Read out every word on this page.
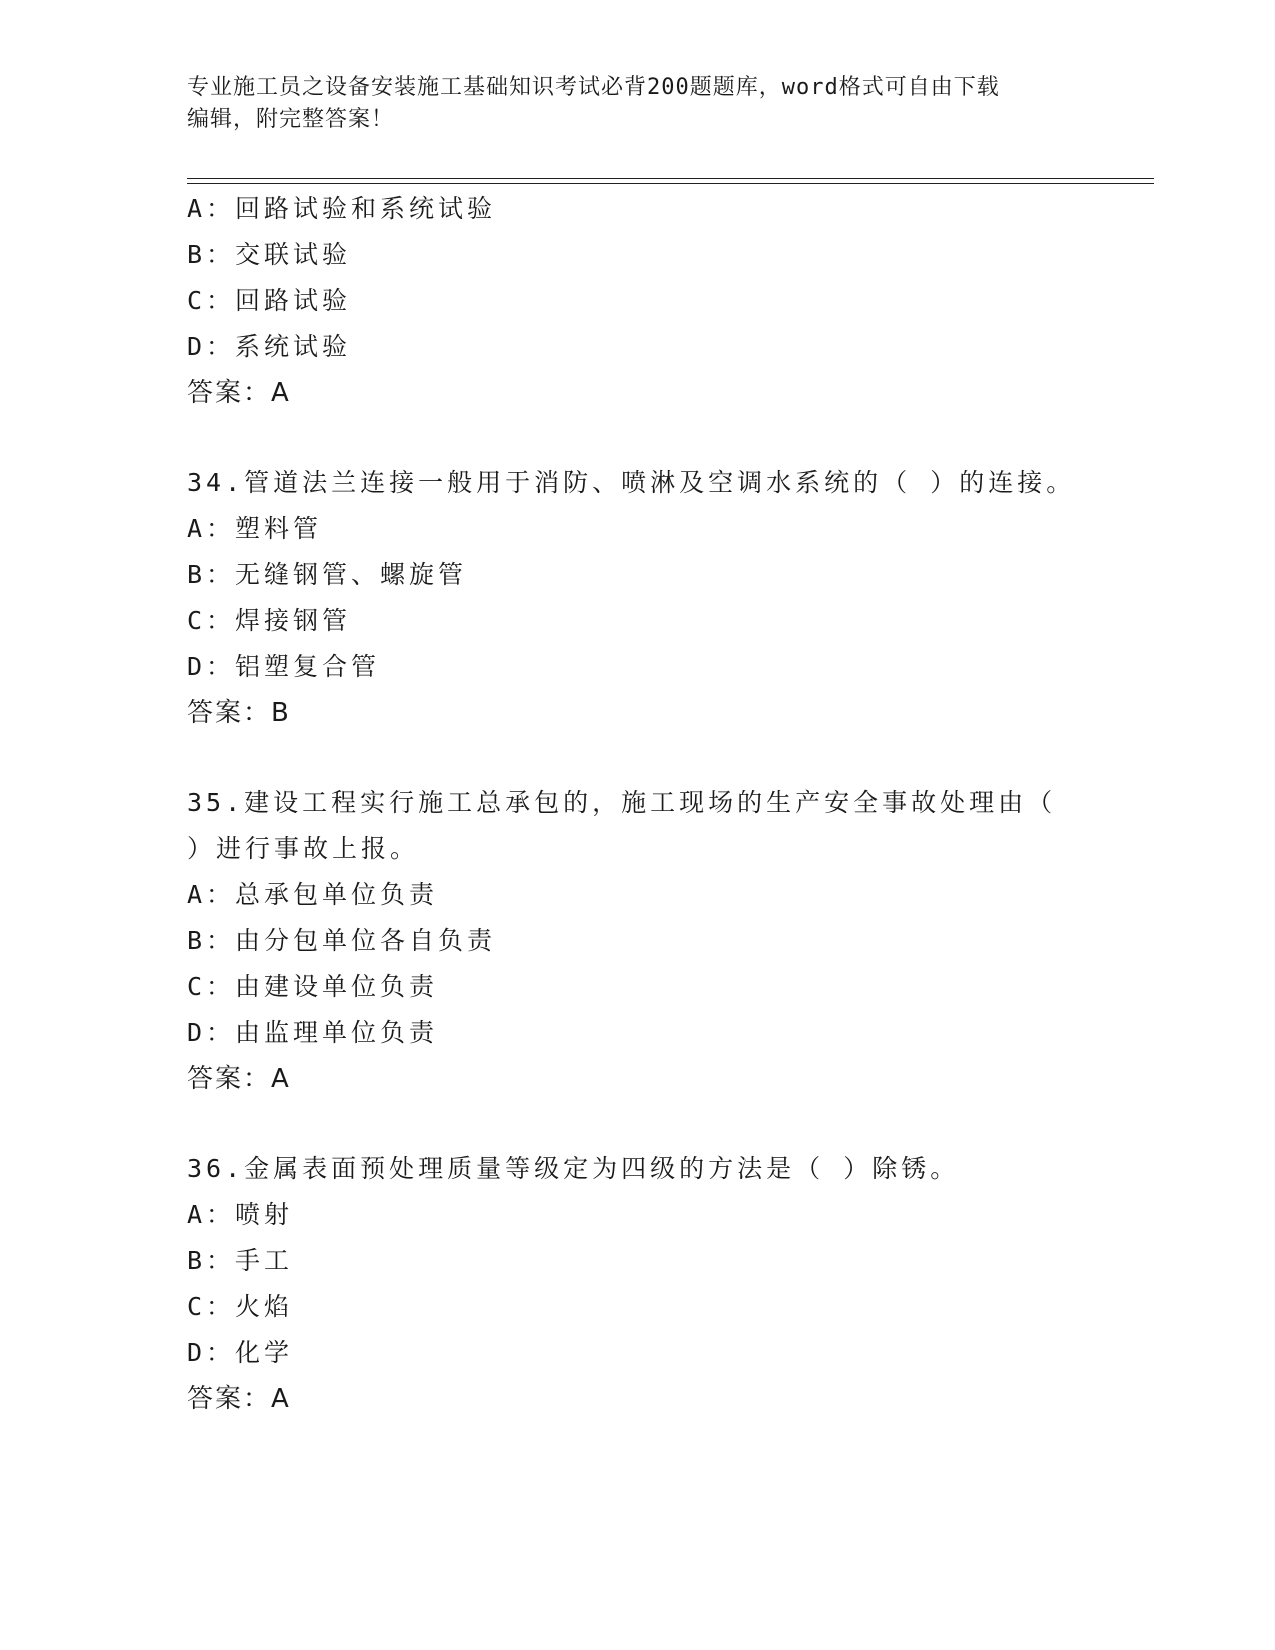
专业施工员之设备安装施工基础知识考试必背200题题库，word格式可自由下载
编辑，附完整答案！
A：回路试验和系统试验
B：交联试验
C：回路试验
D：系统试验
答案：A
34.管道法兰连接一般用于消防、喷淋及空调水系统的（ ）的连接。
A：塑料管
B：无缝钢管、螺旋管
C：焊接钢管
D：铝塑复合管
答案：B
35.建设工程实行施工总承包的，施工现场的生产安全事故处理由（
）进行事故上报。
A：总承包单位负责
B：由分包单位各自负责
C：由建设单位负责
D：由监理单位负责
答案：A
36.金属表面预处理质量等级定为四级的方法是（ ）除锈。
A：喷射
B：手工
C：火焰
D：化学
答案：A
